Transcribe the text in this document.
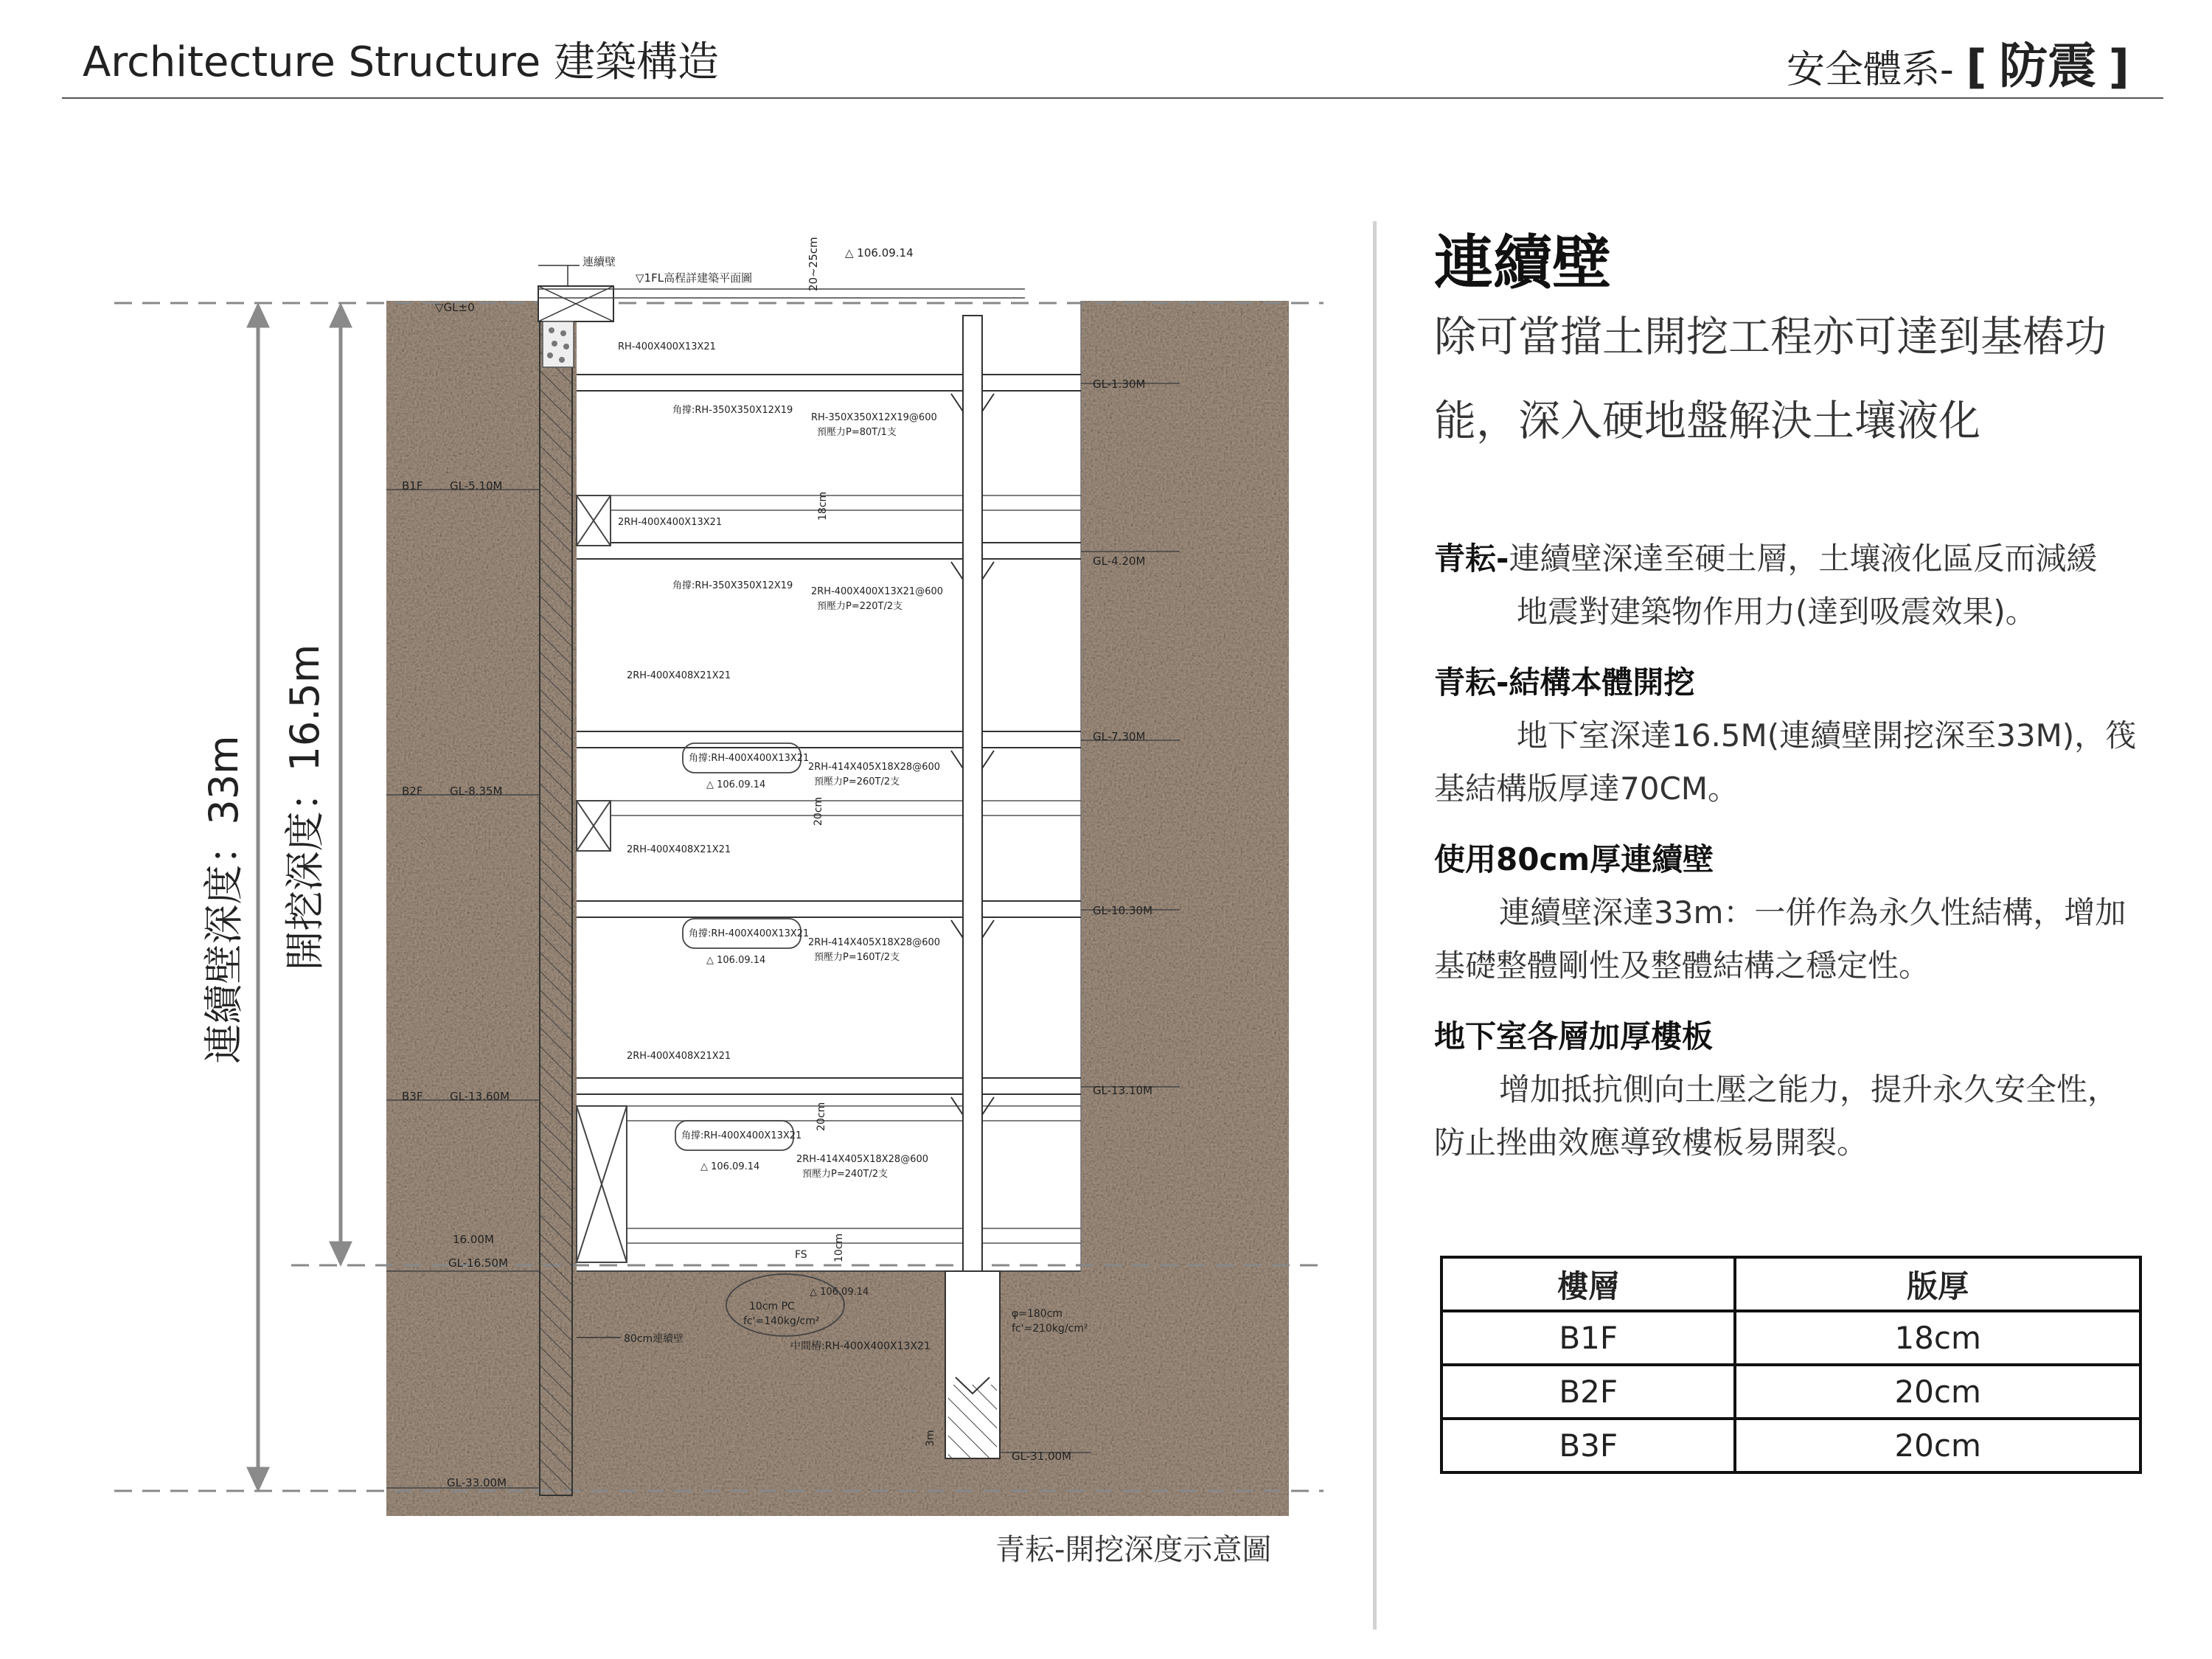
Architecture Structure 建築構造	安全體系- [ 防震 ]
連續壁深度：33m 開挖深度：16.5m
B1F
B2F
B3F
▽GL±0
GL-5.10M
GL-8.35M
GL-13.60M
GL-16.50M
16.00M
GL-33.00M
GL-1.30M
GL-4.20M
GL-7.30M
GL-10.30M
GL-13.10M
GL-31.00M
▽1FL高程詳建築平面圖
連續壁	20~25cm △ 106.09.14
RH-400X400X13X21
2RH-400X400X13X21
2RH-400X408X21X21
2RH-400X408X21X21
2RH-400X408X21X21
角撐:RH-350X350X12X19
角撐:RH-350X350X12X19
RH-350X350X12X19@600
預壓力P=80T/1支
2RH-400X400X13X21@600
預壓力P=220T/2支
2RH-414X405X18X28@600
預壓力P=260T/2支
2RH-414X405X18X28@600
預壓力P=160T/2支
2RH-414X405X18X28@600
預壓力P=240T/2支
角撐:RH-400X400X13X21
角撐:RH-400X400X13X21
角撐:RH-400X400X13X21
△ 106.09.14
△ 106.09.14
△ 106.09.14
△ 106.09.14
18cm
20cm
20cm
10cm
FS
80cm連續壁
中間樁:RH-400X400X13X21
10cm PC
fc'=140kg/cm²
φ=180cm
fc'=210kg/cm²
3m
青耘-開挖深度示意圖
連續壁
除可當擋土開挖工程亦可達到基樁功能，深入硬地盤解決土壤液化
青耘-連續壁深達至硬土層，土壤液化區反而減緩
地震對建築物作用力(達到吸震效果)。
青耘-結構本體開挖
地下室深達16.5M(連續壁開挖深至33M)，筏
基結構版厚達70CM。
使用80cm厚連續壁
連續壁深達33m：一併作為永久性結構，增加
基礎整體剛性及整體結構之穩定性。
地下室各層加厚樓板
增加抵抗側向土壓之能力，提升永久安全性，
防止挫曲效應導致樓板易開裂。
樓層	版厚
B1F	18cm
B2F	20cm
B3F	20cm
